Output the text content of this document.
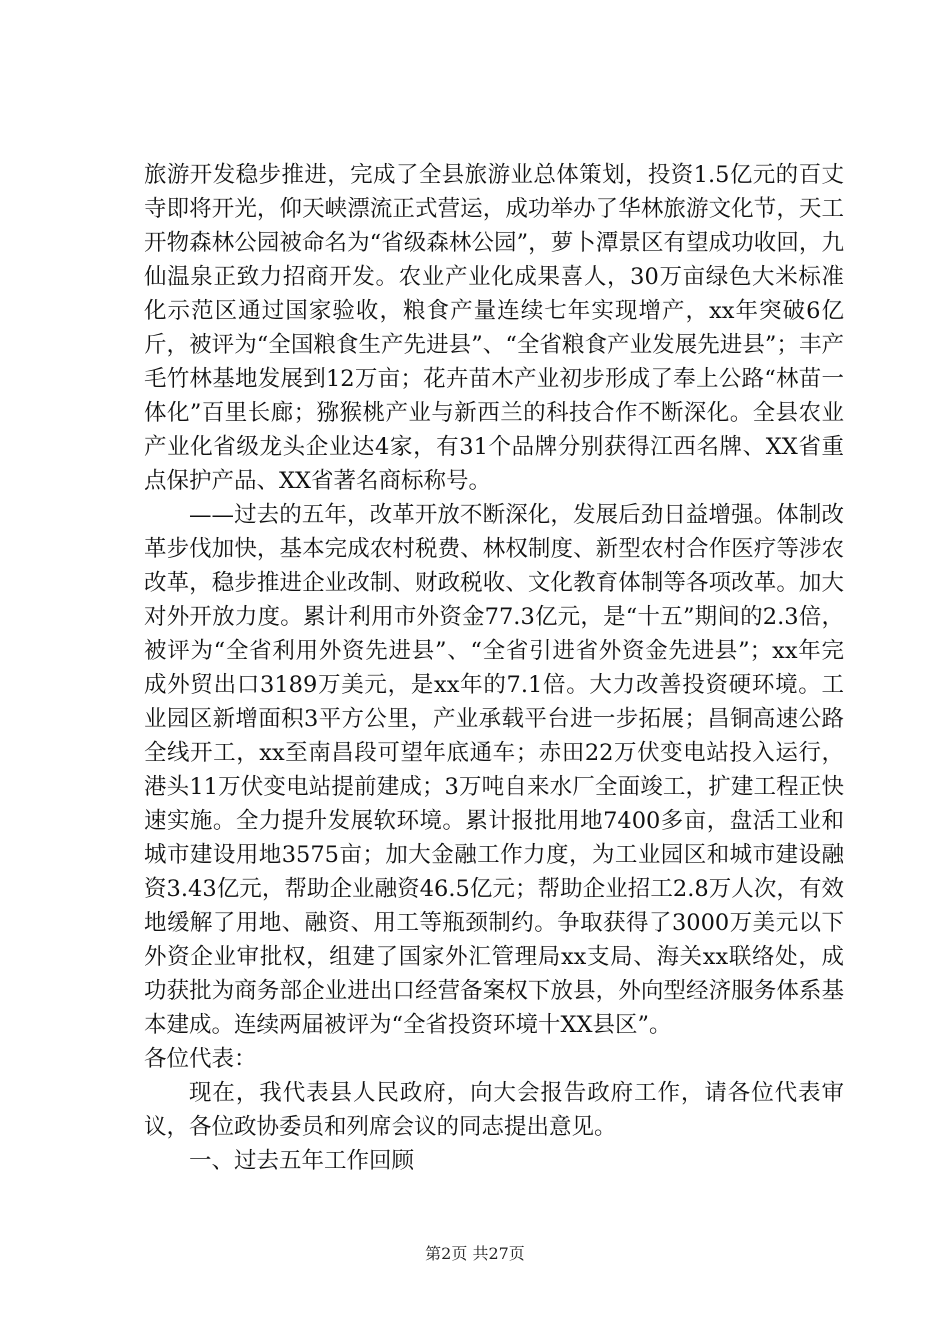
旅游开发稳步推进，完成了全县旅游业总体策划，投资1.5亿元的百丈寺即将开光，仰天峡漂流正式营运，成功举办了华林旅游文化节，天工开物森林公园被命名为“省级森林公园”，萝卜潭景区有望成功收回，九仙温泉正致力招商开发。农业产业化成果喜人，30万亩绿色大米标准化示范区通过国家验收，粮食产量连续七年实现增产，xx年突破6亿斤，被评为“全国粮食生产先进县”、“全省粮食产业发展先进县”；丰产毛竹林基地发展到12万亩；花卉苗木产业初步形成了奉上公路“林苗一体化”百里长廊；猕猴桃产业与新西兰的科技合作不断深化。全县农业产业化省级龙头企业达4家，有31个品牌分别获得江西名牌、XX省重点保护产品、XX省著名商标称号。

——过去的五年，改革开放不断深化，发展后劲日益增强。体制改革步伐加快，基本完成农村税费、林权制度、新型农村合作医疗等涉农改革，稳步推进企业改制、财政税收、文化教育体制等各项改革。加大对外开放力度。累计利用市外资金77.3亿元，是“十五”期间的2.3倍，被评为“全省利用外资先进县”、“全省引进省外资金先进县”；xx年完成外贸出口3189万美元，是xx年的7.1倍。大力改善投资硬环境。工业园区新增面积3平方公里，产业承载平台进一步拓展；昌铜高速公路全线开工，xx至南昌段可望年底通车；赤田22万伏变电站投入运行，港头11万伏变电站提前建成；3万吨自来水厂全面竣工，扩建工程正快速实施。全力提升发展软环境。累计报批用地7400多亩，盘活工业和城市建设用地3575亩；加大金融工作力度，为工业园区和城市建设融资3.43亿元，帮助企业融资46.5亿元；帮助企业招工2.8万人次，有效地缓解了用地、融资、用工等瓶颈制约。争取获得了3000万美元以下外资企业审批权，组建了国家外汇管理局xx支局、海关xx联络处，成功获批为商务部企业进出口经营备案权下放县，外向型经济服务体系基本建成。连续两届被评为“全省投资环境十XX县区”。

各位代表：

现在，我代表县人民政府，向大会报告政府工作，请各位代表审议，各位政协委员和列席会议的同志提出意见。

一、过去五年工作回顾

第2页 共27页
